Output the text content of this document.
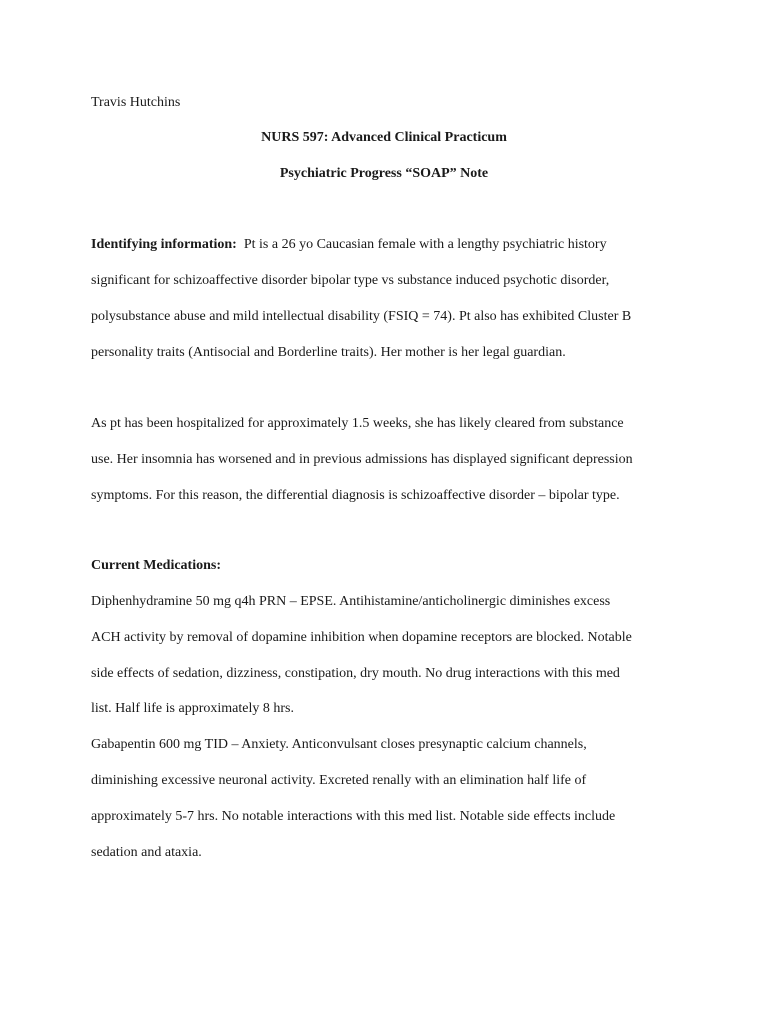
Travis Hutchins
NURS 597: Advanced Clinical Practicum
Psychiatric Progress “SOAP” Note
Identifying information: Pt is a 26 yo Caucasian female with a lengthy psychiatric history
significant for schizoaffective disorder bipolar type vs substance induced psychotic disorder,
polysubstance abuse and mild intellectual disability (FSIQ = 74). Pt also has exhibited Cluster B
personality traits (Antisocial and Borderline traits). Her mother is her legal guardian.
As pt has been hospitalized for approximately 1.5 weeks, she has likely cleared from substance
use. Her insomnia has worsened and in previous admissions has displayed significant depression
symptoms. For this reason, the differential diagnosis is schizoaffective disorder – bipolar type.
Current Medications:
Diphenhydramine 50 mg q4h PRN – EPSE. Antihistamine/anticholinergic diminishes excess
ACH activity by removal of dopamine inhibition when dopamine receptors are blocked. Notable
side effects of sedation, dizziness, constipation, dry mouth. No drug interactions with this med
list. Half life is approximately 8 hrs.
Gabapentin 600 mg TID – Anxiety. Anticonvulsant closes presynaptic calcium channels,
diminishing excessive neuronal activity. Excreted renally with an elimination half life of
approximately 5-7 hrs. No notable interactions with this med list. Notable side effects include
sedation and ataxia.
